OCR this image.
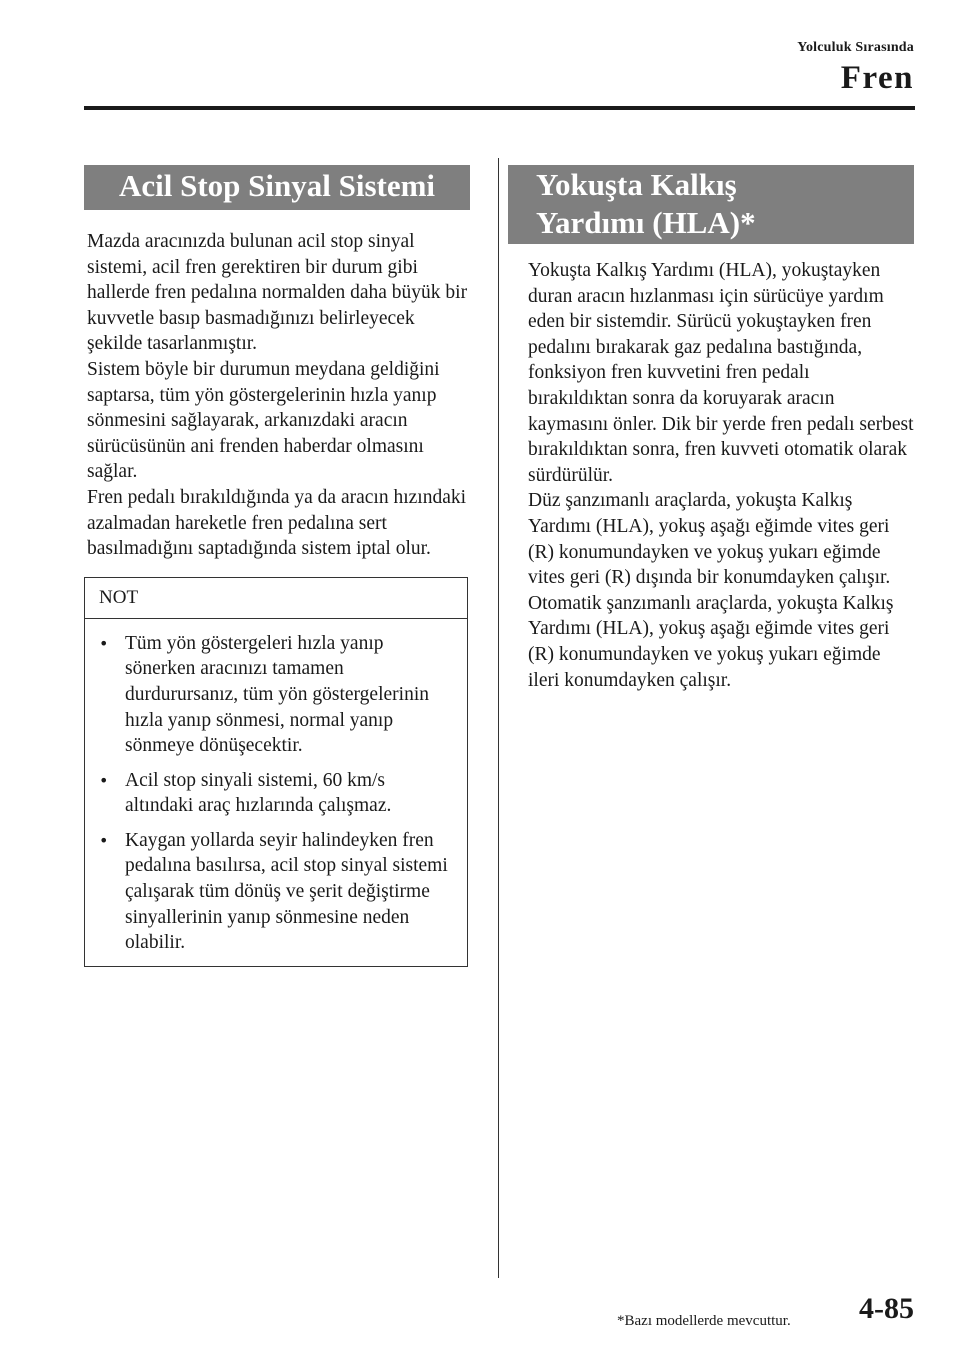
Yolculuk Sırasında
Fren
Acil Stop Sinyal Sistemi

Mazda aracınızda bulunan acil stop sinyal sistemi, acil fren gerektiren bir durum gibi hallerde fren pedalına normalden daha büyük bir kuvvetle basıp basmadığınızı belirleyecek şekilde tasarlanmıştır.

Sistem böyle bir durumun meydana geldiğini saptarsa, tüm yön göstergelerinin hızla yanıp sönmesini sağlayarak, arkanızdaki aracın sürücüsünün ani frenden haberdar olmasını sağlar.

Fren pedalı bırakıldığında ya da aracın hızındaki azalmadan hareketle fren pedalına sert basılmadığını saptadığında sistem iptal olur.

NOT
• Tüm yön göstergeleri hızla yanıp sönerken aracınızı tamamen durdurursanız, tüm yön göstergelerinin hızla yanıp sönmesi, normal yanıp sönmeye dönüşecektir.
• Acil stop sinyali sistemi, 60 km/s altındaki araç hızlarında çalışmaz.
• Kaygan yollarda seyir halindeyken fren pedalına basılırsa, acil stop sinyal sistemi çalışarak tüm dönüş ve şerit değiştirme sinyallerinin yanıp sönmesine neden olabilir.
Yokuşta Kalkış
Yardımı (HLA)*

Yokuşta Kalkış Yardımı (HLA), yokuştayken duran aracın hızlanması için sürücüye yardım eden bir sistemdir. Sürücü yokuştayken fren pedalını bırakarak gaz pedalına bastığında, fonksiyon fren kuvvetini fren pedalı bırakıldıktan sonra da koruyarak aracın kaymasını önler. Dik bir yerde fren pedalı serbest bırakıldıktan sonra, fren kuvveti otomatik olarak sürdürülür.

Düz şanzımanlı araçlarda, yokuşta Kalkış Yardımı (HLA), yokuş aşağı eğimde vites geri (R) konumundayken ve yokuş yukarı eğimde vites geri (R) dışında bir konumdayken çalışır.

Otomatik şanzımanlı araçlarda, yokuşta Kalkış Yardımı (HLA), yokuş aşağı eğimde vites geri (R) konumundayken ve yokuş yukarı eğimde ileri konumdayken çalışır.

*Bazı modellerde mevcuttur. 4-85
